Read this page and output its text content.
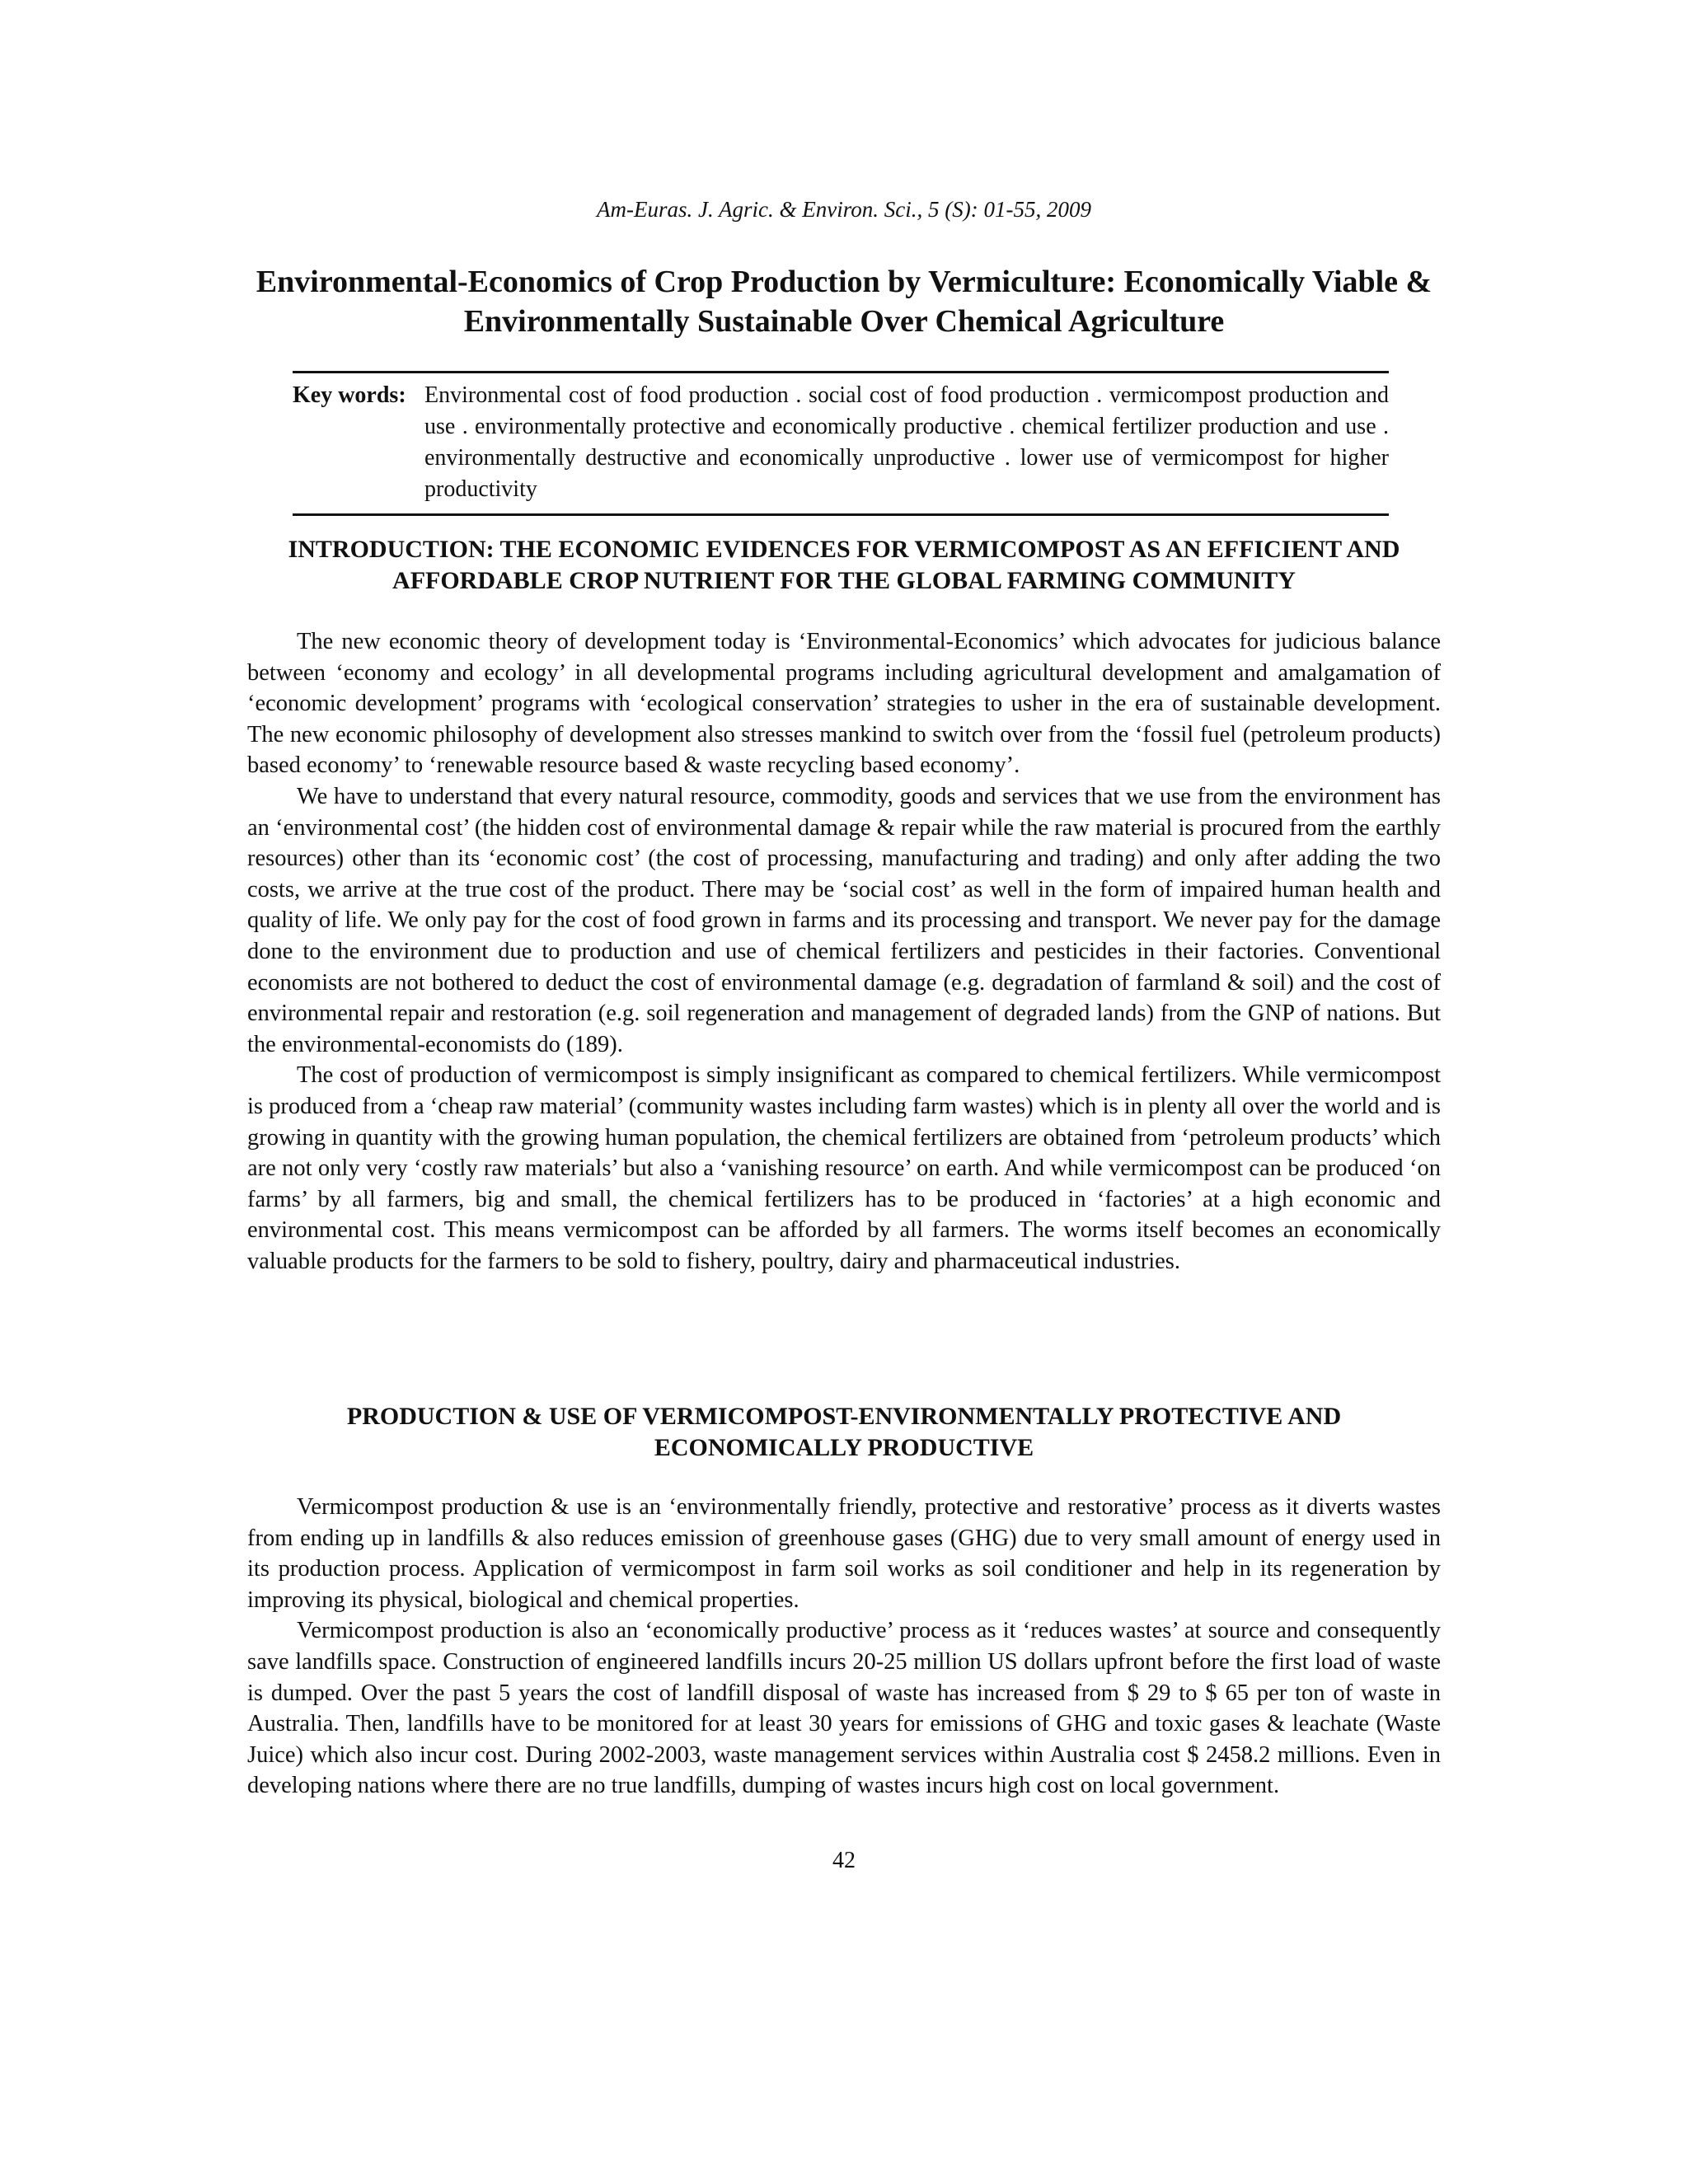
Am-Euras. J. Agric. & Environ. Sci., 5 (S): 01-55, 2009
Environmental-Economics of Crop Production by Vermiculture: Economically Viable & Environmentally Sustainable Over Chemical Agriculture
Key words: Environmental cost of food production . social cost of food production . vermicompost production and use . environmentally protective and economically productive . chemical fertilizer production and use . environmentally destructive and economically unproductive . lower use of vermicompost for higher productivity
INTRODUCTION: THE ECONOMIC EVIDENCES FOR VERMICOMPOST AS AN EFFICIENT AND AFFORDABLE CROP NUTRIENT FOR THE GLOBAL FARMING COMMUNITY

The new economic theory of development today is ‘Environmental-Economics’ which advocates for judicious balance between ‘economy and ecology’ in all developmental programs including agricultural development and amalgamation of ‘economic development’ programs with ‘ecological conservation’ strategies to usher in the era of sustainable development. The new economic philosophy of development also stresses mankind to switch over from the ‘fossil fuel (petroleum products) based economy’ to ‘renewable resource based & waste recycling based economy’.

We have to understand that every natural resource, commodity, goods and services that we use from the environment has an ‘environmental cost’ (the hidden cost of environmental damage & repair while the raw material is procured from the earthly resources) other than its ‘economic cost’ (the cost of processing, manufacturing and trading) and only after adding the two costs, we arrive at the true cost of the product. There may be ‘social cost’ as well in the form of impaired human health and quality of life. We only pay for the cost of food grown in farms and its processing and transport. We never pay for the damage done to the environment due to production and use of chemical fertilizers and pesticides in their factories. Conventional economists are not bothered to deduct the cost of environmental damage (e.g. degradation of farmland & soil) and the cost of environmental repair and restoration (e.g. soil regeneration and management of degraded lands) from the GNP of nations. But the environmental-economists do (189).

The cost of production of vermicompost is simply insignificant as compared to chemical fertilizers. While vermicompost is produced from a ‘cheap raw material’ (community wastes including farm wastes) which is in plenty all over the world and is growing in quantity with the growing human population, the chemical fertilizers are obtained from ‘petroleum products’ which are not only very ‘costly raw materials’ but also a ‘vanishing resource’ on earth. And while vermicompost can be produced ‘on farms’ by all farmers, big and small, the chemical fertilizers has to be produced in ‘factories’ at a high economic and environmental cost. This means vermicompost can be afforded by all farmers. The worms itself becomes an economically valuable products for the farmers to be sold to fishery, poultry, dairy and pharmaceutical industries.

PRODUCTION & USE OF VERMICOMPOST-ENVIRONMENTALLY PROTECTIVE AND ECONOMICALLY PRODUCTIVE

Vermicompost production & use is an ‘environmentally friendly, protective and restorative’ process as it diverts wastes from ending up in landfills & also reduces emission of greenhouse gases (GHG) due to very small amount of energy used in its production process. Application of vermicompost in farm soil works as soil conditioner and help in its regeneration by improving its physical, biological and chemical properties.

Vermicompost production is also an ‘economically productive’ process as it ‘reduces wastes’ at source and consequently save landfills space. Construction of engineered landfills incurs 20-25 million US dollars upfront before the first load of waste is dumped. Over the past 5 years the cost of landfill disposal of waste has increased from $ 29 to $ 65 per ton of waste in Australia. Then, landfills have to be monitored for at least 30 years for emissions of GHG and toxic gases & leachate (Waste Juice) which also incur cost. During 2002-2003, waste management services within Australia cost $ 2458.2 millions. Even in developing nations where there are no true landfills, dumping of wastes incurs high cost on local government.

42
